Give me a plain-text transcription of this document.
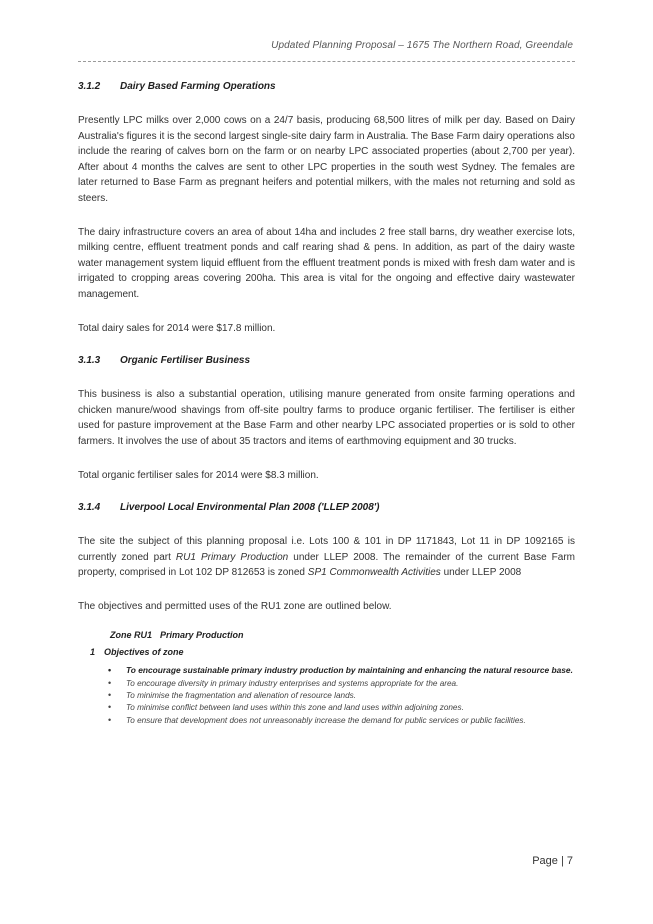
Updated Planning Proposal – 1675 The Northern Road, Greendale
3.1.2 Dairy Based Farming Operations

Presently LPC milks over 2,000 cows on a 24/7 basis, producing 68,500 litres of milk per day. Based on Dairy Australia's figures it is the second largest single-site dairy farm in Australia. The Base Farm dairy operations also include the rearing of calves born on the farm or on nearby LPC associated properties (about 2,700 per year). After about 4 months the calves are sent to other LPC properties in the south west Sydney. The females are later returned to Base Farm as pregnant heifers and potential milkers, with the males not returning and sold as steers.

The dairy infrastructure covers an area of about 14ha and includes 2 free stall barns, dry weather exercise lots, milking centre, effluent treatment ponds and calf rearing shad & pens. In addition, as part of the dairy waste water management system liquid effluent from the effluent treatment ponds is mixed with fresh dam water and is irrigated to cropping areas covering 200ha. This area is vital for the ongoing and effective dairy wastewater management.

Total dairy sales for 2014 were $17.8 million.

3.1.3 Organic Fertiliser Business

This business is also a substantial operation, utilising manure generated from onsite farming operations and chicken manure/wood shavings from off-site poultry farms to produce organic fertiliser. The fertiliser is either used for pasture improvement at the Base Farm and other nearby LPC associated properties or is sold to other farmers. It involves the use of about 35 tractors and items of earthmoving equipment and 30 trucks.

Total organic fertiliser sales for 2014 were $8.3 million.

3.1.4 Liverpool Local Environmental Plan 2008 ('LLEP 2008')

The site the subject of this planning proposal i.e. Lots 100 & 101 in DP 1171843, Lot 11 in DP 1092165 is currently zoned part RU1 Primary Production under LLEP 2008. The remainder of the current Base Farm property, comprised in Lot 102 DP 812653 is zoned SP1 Commonwealth Activities under LLEP 2008

The objectives and permitted uses of the RU1 zone are outlined below.

Zone RU1 Primary Production
1 Objectives of zone
• To encourage sustainable primary industry production by maintaining and enhancing the natural resource base.
• To encourage diversity in primary industry enterprises and systems appropriate for the area.
• To minimise the fragmentation and alienation of resource lands.
• To minimise conflict between land uses within this zone and land uses within adjoining zones.
• To ensure that development does not unreasonably increase the demand for public services or public facilities.
Page | 7
